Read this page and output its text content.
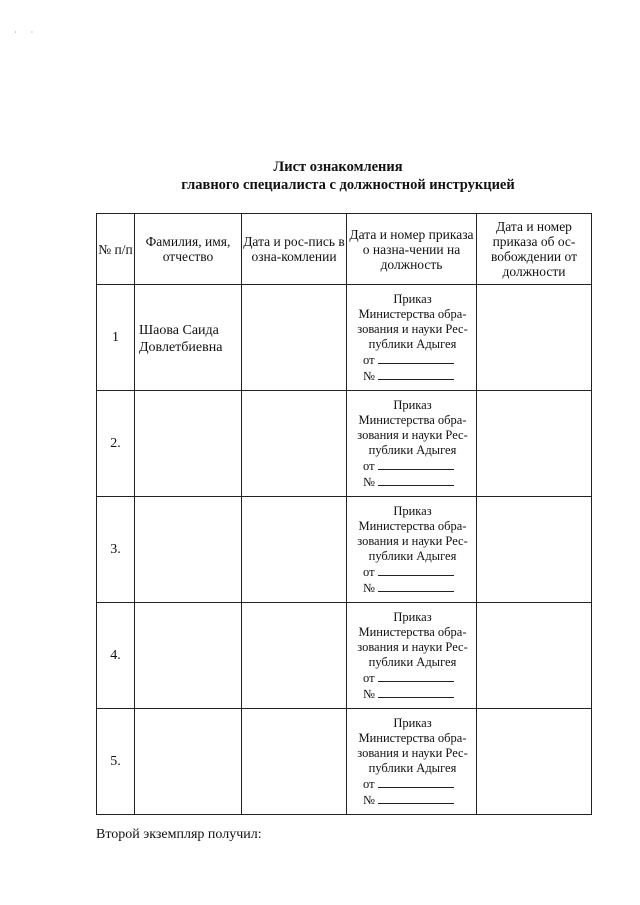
· ·
Лист ознакомления
главного специалиста с должностной инструкцией
№ п/п	Фамилия, имя, отчество	Дата и рос-пись в озна-комлении	Дата и номер приказа о назна-чении на должность	Дата и номер приказа об ос-вобождении от должности
1	Шаова Саида Довлетбиевна		Приказ Министерства обра-зования и науки Рес-публики Адыгея
от
№	

2.			Приказ Министерства обра-зования и науки Рес-публики Адыгея
от
№	

3.			Приказ Министерства обра-зования и науки Рес-публики Адыгея
от
№	

4.			Приказ Министерства обра-зования и науки Рес-публики Адыгея
от
№	

5.			Приказ Министерства обра-зования и науки Рес-публики Адыгея
от
№	

Второй экземпляр получил:
